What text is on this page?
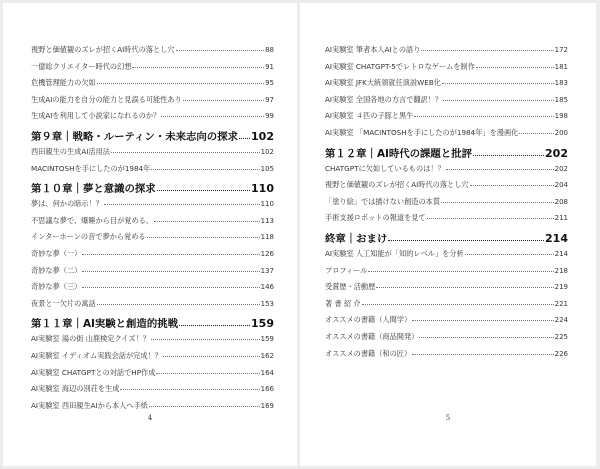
視野と価値観のズレが招くAI時代の落とし穴	88
一億総クリエイター時代の幻想	91
危機管理能力の欠如	95
生成AIの能力を自分の能力と見誤る可能性あり	97
生成AIを利用して小説家になれるのか？	99
第９章｜戦略・ルーティン・未来志向の探求 102
西田親生の生成AI活用法	102
MACINTOSHを手にしたのが1984年	105
第１０章｜夢と意識の探求	110
夢は、何かの暗示！？	110
不思議な夢で、爆睡から目が覚める。	113
インターホーンの音で夢から覚める	118
奇妙な夢（一）	126
奇妙な夢（二）	137
奇妙な夢（三）	146
夜景と一欠片の寓話	153
第１１章｜AI実験と創造的挑戦	159
AI実験室 湯の街 山鹿検定クイズ！？	159
AI実験室 イディオム実践会話が完成！？	162
AI実験室 CHATGPTとの対話でHP作成	164
AI実験室 海辺の別荘を生成	166
AI実験室 西田親生AIから本人へ手紙	169
4
AI実験室 筆者本人AIとの語り	172
AI実験室 CHATGPT-5でレトロなゲームを制作	181
AI実験室 JFK大統領就任演説WEB化	183
AI実験室 全国各地の方言で翻訳！？	185
AI実験室 ４匹の子豚と黒牛	198
AI実験室 「MACINTOSHを手にしたのが1984年」を漫画化	200
第１２章｜AI時代の課題と批評	202
CHATGPTに欠如しているものは！？	202
視野と価値観のズレが招くAI時代の落とし穴	204
「塗り絵」では描けない創造の本質	208
手術支援ロボットの報道を見て	211
終章｜おまけ	214
AI実験室 人工知能が「知的レベル」を分析	214
プロフィール	218
受賞歴・活動歴	219
著 書 紹 介	221
オススメの書籍（人間学）	224
オススメの書籍（商品開発）	225
オススメの書籍（和の匠）	226
5
